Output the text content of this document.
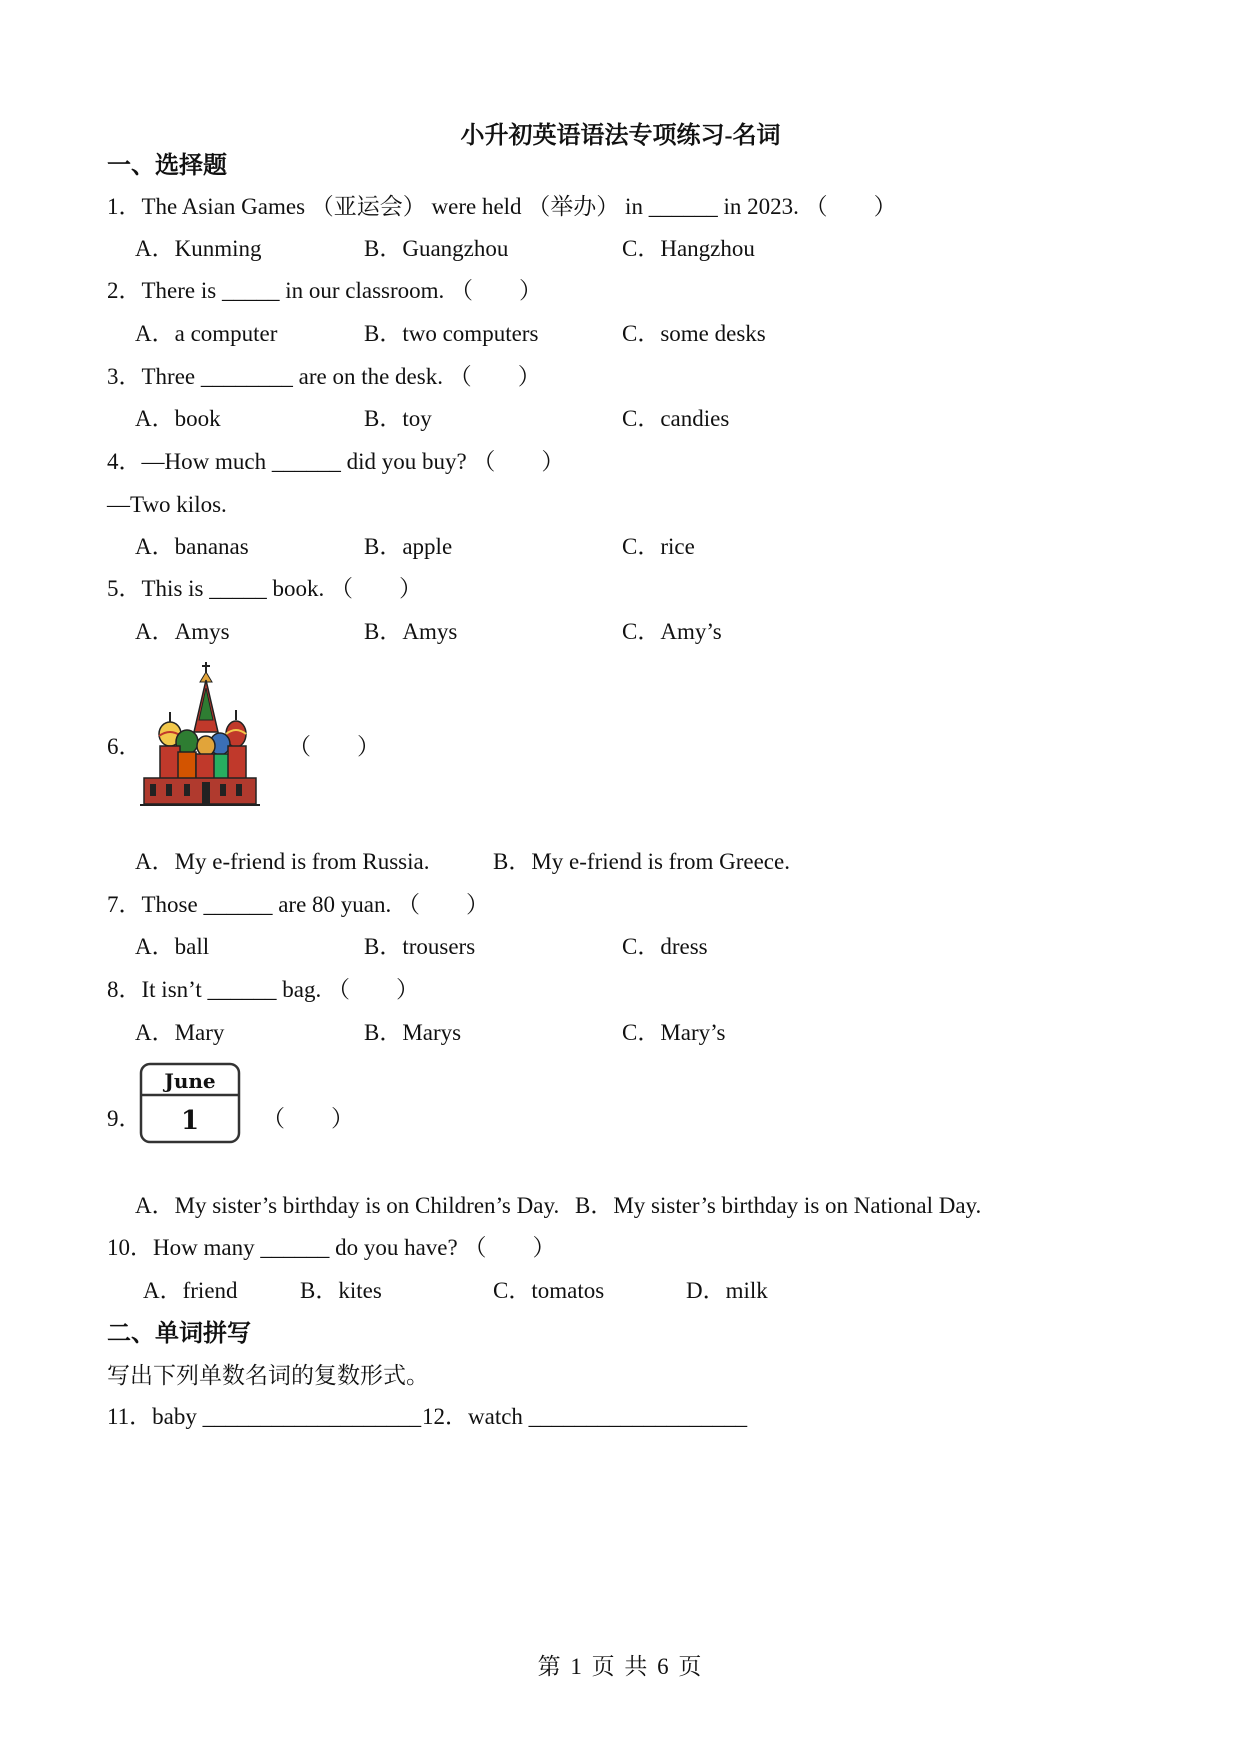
小升初英语语法专项练习-名词
一、选择题
1．The Asian Games （亚运会） were held （举办） in ______ in 2023. （　　）
A．Kunming	B．Guangzhou	C．Hangzhou
2．There is _____ in our classroom. （　　）
A．a computer	B．two computers	C．some desks
3．Three ________ are on the desk. （　　）
A．book	B．toy	C．candies
4．—How much ______ did you buy? （　　）
—Two kilos.
A．bananas	B．apple	C．rice
5．This is _____ book. （　　）
A．Amys	B．Amys	C．Amy’s
6．	（　　）
A．My e-friend is from Russia.	B．My e-friend is from Greece.
7．Those ______ are 80 yuan. （　　）
A．ball	B．trousers	C．dress
8．It isn’t ______ bag. （　　）
A．Mary	B．Marys	C．Mary’s
9．
June
1	（　　）
A．My sister’s birthday is on Children’s Day. B．My sister’s birthday is on National Day.
10．How many ______ do you have? （　　）
A．friend	B．kites	C．tomatos	D．milk
二、单词拼写
写出下列单数名词的复数形式。
11．baby ___________________ 12．watch ___________________
第 1 页 共 6 页
